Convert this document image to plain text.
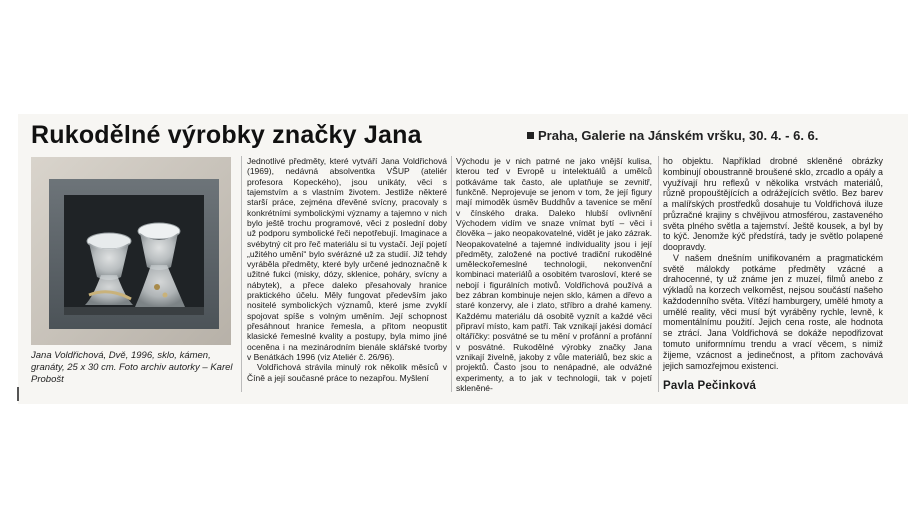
Rukodělné výrobky značky Jana	Praha, Galerie na Jánském vršku, 30. 4. - 6. 6.
Jana Voldřichová, Dvě, 1996, sklo, kámen, granáty, 25 x 30 cm. Foto archiv autorky – Karel Probošt

Jednotlivé předměty, které vytváří Jana Voldřichová (1969), nedávná absolventka VŠUP (ateliér profesora Kopeckého), jsou unikáty, věci s tajemstvím a s vlastním životem. Jestliže některé starší práce, zejména dřevěné svícny, pracovaly s konkrétními symbolickými významy a tajemno v nich bylo ještě trochu programové, věci z poslední doby už podporu symbolické řeči nepotřebují. Imaginace a svébytný cit pro řeč materiálu si tu vystačí. Její pojetí „užitého umění“ bylo svérázné už za studií. Již tehdy vyráběla předměty, které byly určené jednoznačně k užitné fukci (misky, dózy, sklenice, poháry, svícny a nábytek), a přece daleko přesahovaly hranice praktického účelu. Měly fungovat především jako nositelé symbolických významů, které jsme zvyklí spojovat spíše s volným uměním. Její schopnost přesáhnout hranice řemesla, a přitom neopustit klasické řemeslné kvality a postupy, byla mimo jiné oceněna i na mezinárodním bienále sklářské tvorby v Benátkách 1996 (viz Ateliér č. 26/96).

Voldřichová strávila minulý rok několik měsíců v Číně a její současné práce to nezapřou. Myšlení

Východu je v nich patrné ne jako vnější kulisa, kterou teď v Evropě u intelektuálů a umělců potkáváme tak často, ale uplatňuje se zevnitř, funkčně. Neprojevuje se jenom v tom, že její figury mají mimoděk úsměv Buddhův a tavenice se mění v čínského draka. Daleko hlubší ovlivnění Východem vidím ve snaze vnímat bytí – věci i člověka – jako neopakovatelné, vidět je jako zázrak. Neopakovatelné a tajemné individuality jsou i její předměty, založené na poctivé tradiční rukodělné uměleckořemeslné technologii, nekonvenční kombinaci materiálů a osobitém tvarosloví, které se nebojí i figurálních motivů. Voldřichová používá a bez zábran kombinuje nejen sklo, kámen a dřevo a staré konzervy, ale i zlato, stříbro a drahé kameny. Každému materiálu dá osobitě vyznít a každé věci připraví místo, kam patří. Tak vznikají jakési domácí oltáříčky: posvátné se tu mění v profánní a profánní v posvátné. Rukodělné výrobky značky Jana vznikají živelně, jakoby z vůle materiálů, bez skic a projektů. Často jsou to nenápadné, ale odvážné experimenty, a to jak v technologii, tak v pojetí skleněné-

ho objektu. Například drobné skleněné obrázky kombinují oboustranně broušené sklo, zrcadlo a opály a využívají hru reflexů v několika vrstvách materiálů, různě propouštějících a odrážejících světlo. Bez barev a malířských prostředků dosahuje tu Voldřichová iluze průzračné krajiny s chvějivou atmosférou, zastaveného světa plného světla a tajemství. Ještě kousek, a byl by to kýč. Jenomže kýč předstírá, tady je světlo polapené doopravdy.

V našem dnešním unifikovaném a pragmatickém světě málokdy potkáme předměty vzácné a drahocenné, ty už známe jen z muzeí, filmů anebo z výkladů na korzech velkoměst, nejsou součástí našeho každodenního světa. Vítězí hamburgery, umělé hmoty a umělé reality, věci musí být vyráběny rychle, levně, k momentálnímu použití. Jejich cena roste, ale hodnota se ztrácí. Jana Voldřichová se dokáže nepodřizovat tomuto uniformnímu trendu a vrací věcem, s nimiž žijeme, vzácnost a jedinečnost, a přitom zachovává jejich samozřejmou existenci.

Pavla Pečinková
